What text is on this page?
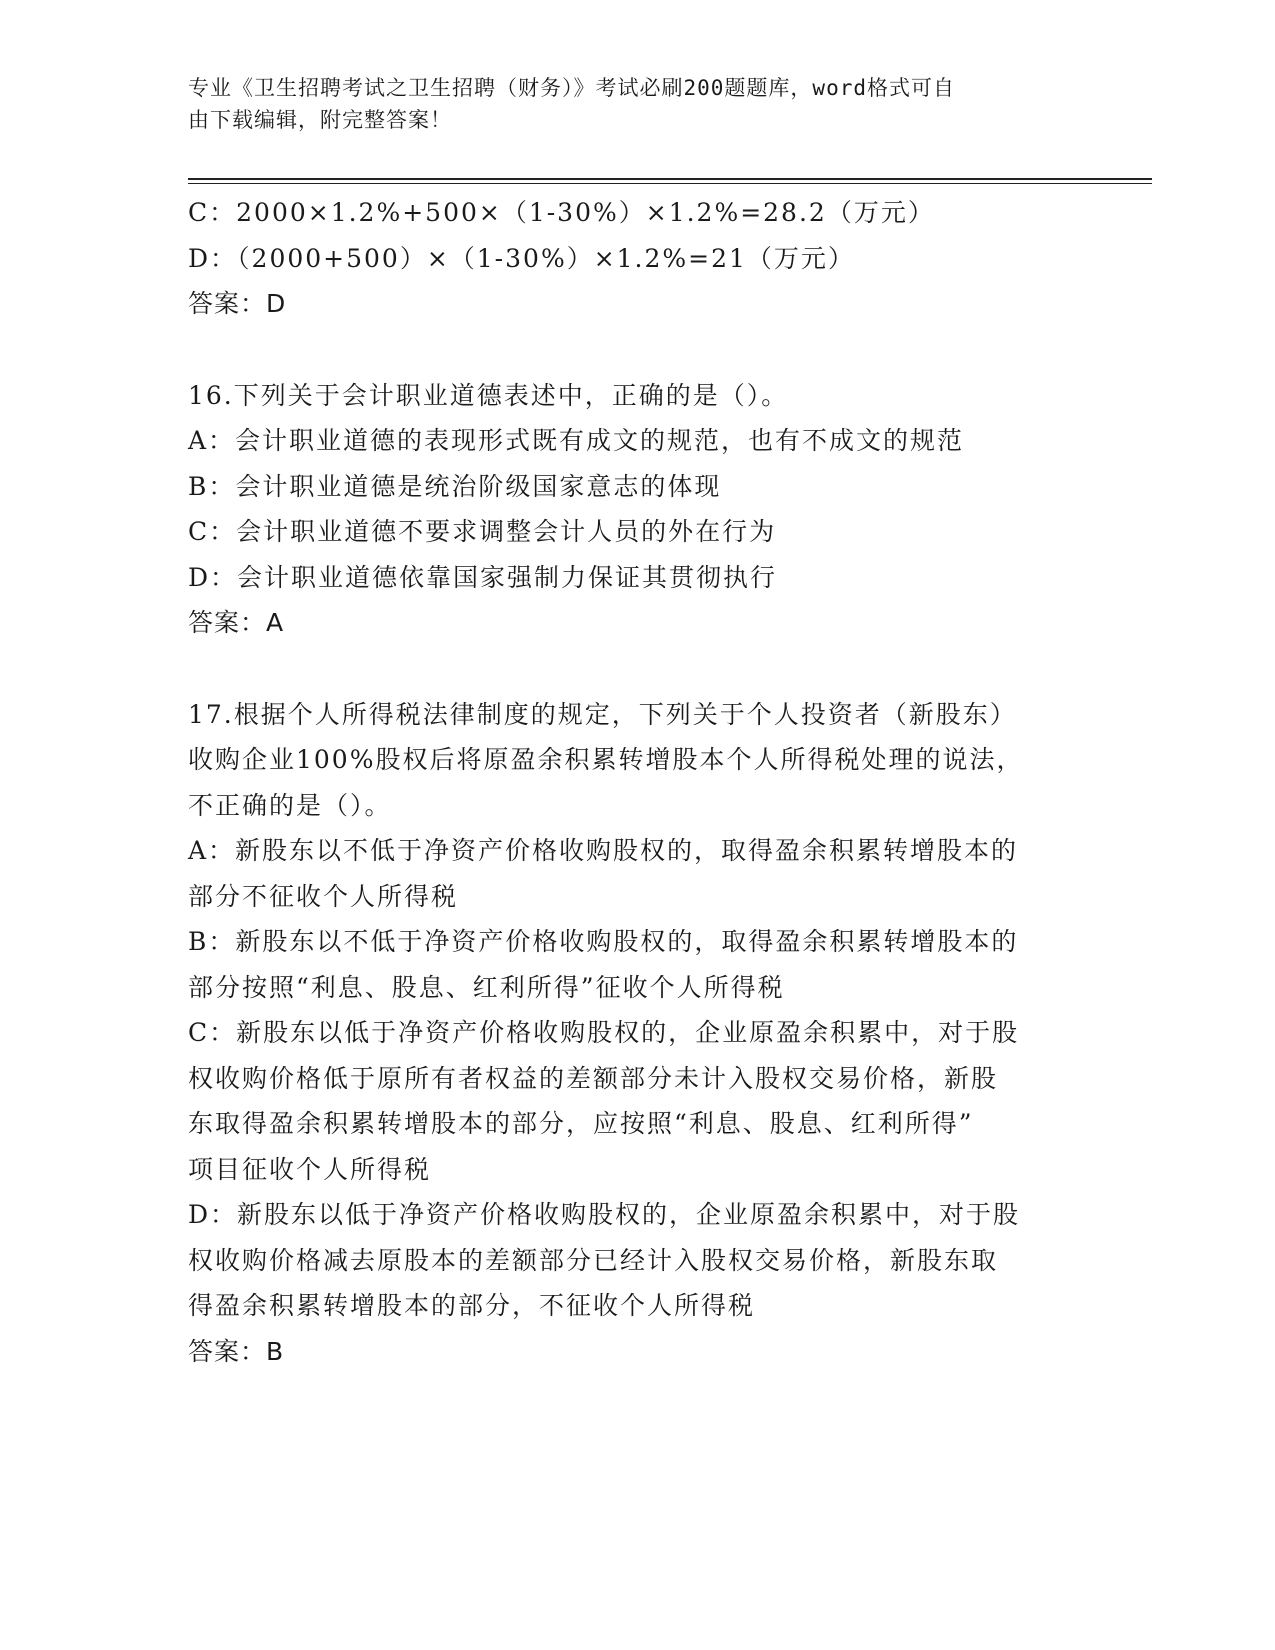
专业《卫生招聘考试之卫生招聘（财务）》考试必刷200题题库，word格式可自
由下载编辑，附完整答案！
C：2000×1.2%+500×（1-30%）×1.2%=28.2（万元）
D：（2000+500）×（1-30%）×1.2%=21（万元）
答案：D
16.下列关于会计职业道德表述中，正确的是（）。
A：会计职业道德的表现形式既有成文的规范，也有不成文的规范
B：会计职业道德是统治阶级国家意志的体现
C：会计职业道德不要求调整会计人员的外在行为
D：会计职业道德依靠国家强制力保证其贯彻执行
答案：A
17.根据个人所得税法律制度的规定，下列关于个人投资者（新股东）
收购企业100%股权后将原盈余积累转增股本个人所得税处理的说法，
不正确的是（）。
A：新股东以不低于净资产价格收购股权的，取得盈余积累转增股本的
部分不征收个人所得税
B：新股东以不低于净资产价格收购股权的，取得盈余积累转增股本的
部分按照“利息、股息、红利所得”征收个人所得税
C：新股东以低于净资产价格收购股权的，企业原盈余积累中，对于股
权收购价格低于原所有者权益的差额部分未计入股权交易价格，新股
东取得盈余积累转增股本的部分，应按照“利息、股息、红利所得”
项目征收个人所得税
D：新股东以低于净资产价格收购股权的，企业原盈余积累中，对于股
权收购价格减去原股本的差额部分已经计入股权交易价格，新股东取
得盈余积累转增股本的部分，不征收个人所得税
答案：B
